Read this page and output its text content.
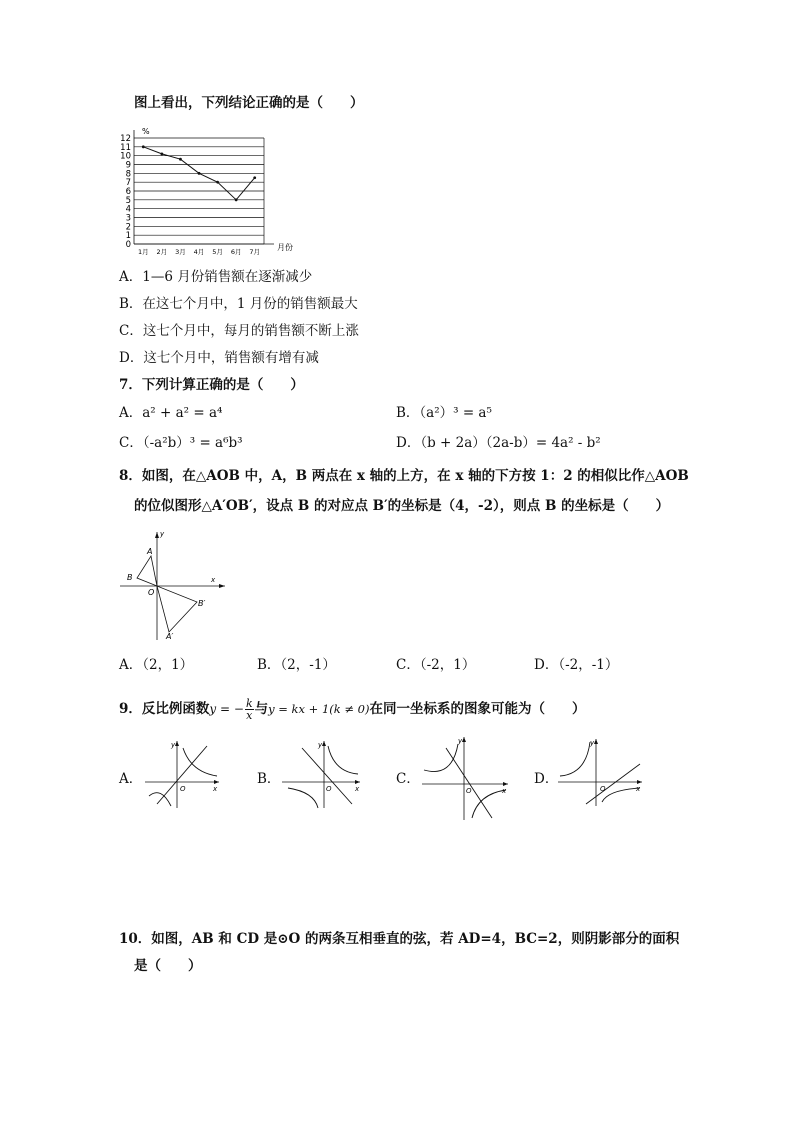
图上看出，下列结论正确的是（　　）
0
1
2
3
4
5
6
7
8
9
10
11
12
1月 2月 3月 4月 5月 6月 7月
%
月份
A．1—6 月份销售额在逐渐减少
B．在这七个月中，1 月份的销售额最大
C．这七个月中，每月的销售额不断上涨
D．这七个月中，销售额有增有减
7．下列计算正确的是（　　）
A．a² + a² = a⁴	B．（a²）³ = a⁵
C．（-a²b）³ = a⁶b³	D．（b + 2a）（2a-b）= 4a² - b²
8．如图，在△AOB 中，A，B 两点在 x 轴的上方，在 x 轴的下方按 1：2 的相似比作△AOB
的位似图形△A′OB′，设点 B 的对应点 B′的坐标是（4，-2），则点 B 的坐标是（　　）
A
B
O
A′
B′
x
y
A．（2，1）	B．（2，-1）	C．（-2，1）	D．（-2，-1）
9．反比例函数y = − $\frac{k}{x}$ 与y = kx + 1(k ≠ 0)在同一坐标系的图象可能为（　　）
A．	B．	C．	D．
O	x
y
O	x
y
O	x
y
O	x
y
10．如图，AB 和 CD 是⊙O 的两条互相垂直的弦，若 AD=4，BC=2，则阴影部分的面积
是（　　）
